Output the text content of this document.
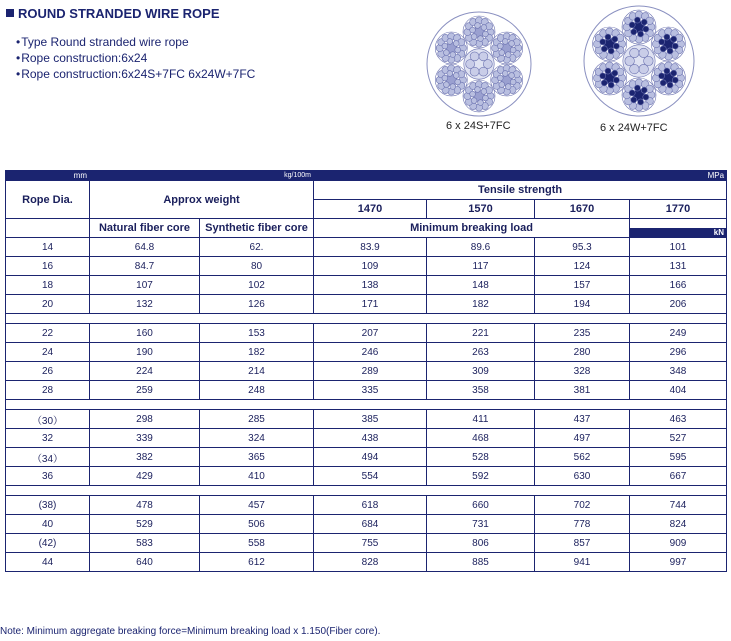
ROUND STRANDED WIRE ROPE
• Type Round stranded wire rope
• Rope construction:6x24
• Rope construction:6x24S+7FC 6x24W+7FC
6 x 24S+7FC	6 x 24W+7FC
mm	kg/100m		MPa			
Rope Dia.	Approx weight		Tensile strength			
			1470	1570	1670	1770
	Natural fiber core	Synthetic fiber core	Minimum breaking load			kN

14	64.8	62.	83.9	89.6	95.3	101
16	84.7	80	109	117	124	131
18	107	102	138	148	157	166
20	132	126	171	182	194	206

22	160	153	207	221	235	249
24	190	182	246	263	280	296
26	224	214	289	309	328	348
28	259	248	335	358	381	404

（30）	298	285	385	411	437	463
32	339	324	438	468	497	527
（34）	382	365	494	528	562	595
36	429	410	554	592	630	667

(38)	478	457	618	660	702	744
40	529	506	684	731	778	824
(42)	583	558	755	806	857	909
44	640	612	828	885	941	997
Note: Minimum aggregate breaking force=Minimum breaking load x 1.150(Fiber core).
